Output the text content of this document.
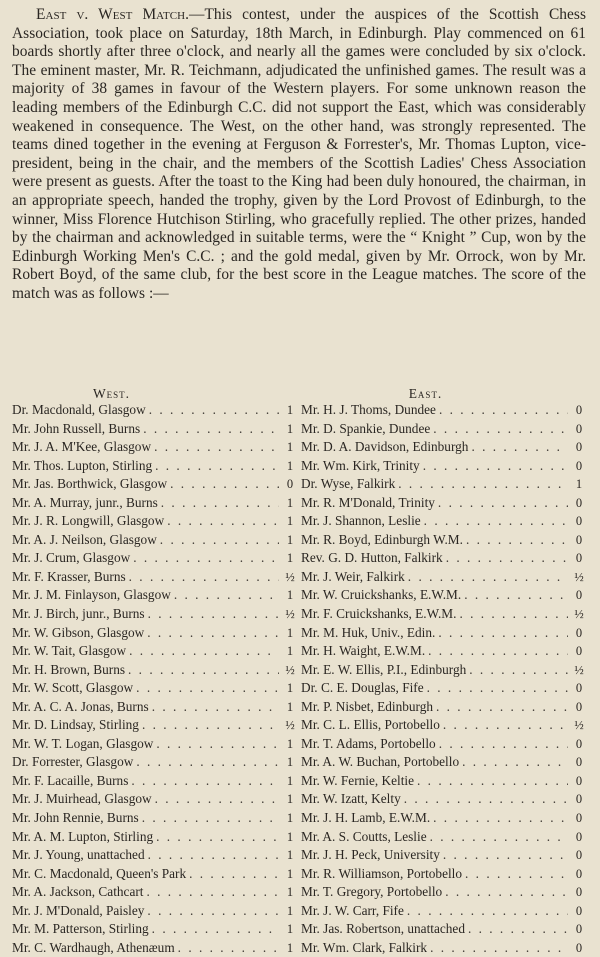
East v. West Match.—This contest, under the auspices of the Scottish Chess Association, took place on Saturday, 18th March, in Edinburgh. Play commenced on 61 boards shortly after three o'clock, and nearly all the games were concluded by six o'clock. The eminent master, Mr. R. Teichmann, adjudicated the unfinished games. The result was a majority of 38 games in favour of the Western players. For some unknown reason the leading members of the Edinburgh C.C. did not support the East, which was considerably weakened in consequence. The West, on the other hand, was strongly represented. The teams dined together in the evening at Ferguson & Forrester's, Mr. Thomas Lupton, vice-president, being in the chair, and the members of the Scottish Ladies' Chess Association were present as guests. After the toast to the King had been duly honoured, the chairman, in an appropriate speech, handed the trophy, given by the Lord Provost of Edinburgh, to the winner, Miss Florence Hutchison Stirling, who gracefully replied. The other prizes, handed by the chairman and acknowledged in suitable terms, were the “ Knight ” Cup, won by the Edinburgh Working Men's C.C. ; and the gold medal, given by Mr. Orrock, won by Mr. Robert Boyd, of the same club, for the best score in the League matches. The score of the match was as follows :—

West.
Dr. Macdonald, Glasgow . . .	1
Mr. John Russell, Burns . . .	1
Mr. J. A. M'Kee, Glasgow . . .	1
Mr. Thos. Lupton, Stirling . . .	1
Mr. Jas. Borthwick, Glasgow . . .	0
Mr. A. Murray, junr., Burns . . .	1
Mr. J. R. Longwill, Glasgow . . .	1
Mr. A. J. Neilson, Glasgow . . .	1
Mr. J. Crum, Glasgow . . .	1
Mr. F. Krasser, Burns . . .	½
Mr. J. M. Finlayson, Glasgow . . .	1
Mr. J. Birch, junr., Burns . . .	½
Mr. W. Gibson, Glasgow . . .	1
Mr. W. Tait, Glasgow . . .	1
Mr. H. Brown, Burns . . .	½
Mr. W. Scott, Glasgow . . .	1
Mr. A. C. A. Jonas, Burns . . .	1
Mr. D. Lindsay, Stirling . . .	½
Mr. W. T. Logan, Glasgow . . .	1
Dr. Forrester, Glasgow . . .	1
Mr. F. Lacaille, Burns . . .	1
Mr. J. Muirhead, Glasgow . . .	1
Mr. John Rennie, Burns . . .	1
Mr. A. M. Lupton, Stirling . . .	1
Mr. J. Young, unattached . . .	1
Mr. C. Macdonald, Queen's Park . . .	1
Mr. A. Jackson, Cathcart . . .	1
Mr. J. M'Donald, Paisley . . .	1
Mr. M. Patterson, Stirling . . .	1
Mr. C. Wardhaugh, Athenæum . . .	1
East.
Mr. H. J. Thoms, Dundee . . .	0
Mr. D. Spankie, Dundee . . .	0
Mr. D. A. Davidson, Edinburgh . . .	0
Mr. Wm. Kirk, Trinity . . .	0
Dr. Wyse, Falkirk . . .	1
Mr. R. M'Donald, Trinity . . .	0
Mr. J. Shannon, Leslie . . .	0
Mr. R. Boyd, Edinburgh W.M. . . .	0
Rev. G. D. Hutton, Falkirk . . .	0
Mr. J. Weir, Falkirk . . .	½
Mr. W. Cruickshanks, E.W.M. . . .	0
Mr. F. Cruickshanks, E.W.M. . . .	½
Mr. M. Huk, Univ., Edin. . . .	0
Mr. H. Waight, E.W.M. . . .	0
Mr. E. W. Ellis, P.I., Edinburgh . . .	½
Dr. C. E. Douglas, Fife . . .	0
Mr. P. Nisbet, Edinburgh . . .	0
Mr. C. L. Ellis, Portobello . . .	½
Mr. T. Adams, Portobello . . .	0
Mr. A. W. Buchan, Portobello . . .	0
Mr. W. Fernie, Keltie . . .	0
Mr. W. Izatt, Kelty . . .	0
Mr. J. H. Lamb, E.W.M. . . .	0
Mr. A. S. Coutts, Leslie . . .	0
Mr. J. H. Peck, University . . .	0
Mr. R. Williamson, Portobello . . .	0
Mr. T. Gregory, Portobello . . .	0
Mr. J. W. Carr, Fife . . .	0
Mr. Jas. Robertson, unattached . . .	0
Mr. Wm. Clark, Falkirk . . .	0
